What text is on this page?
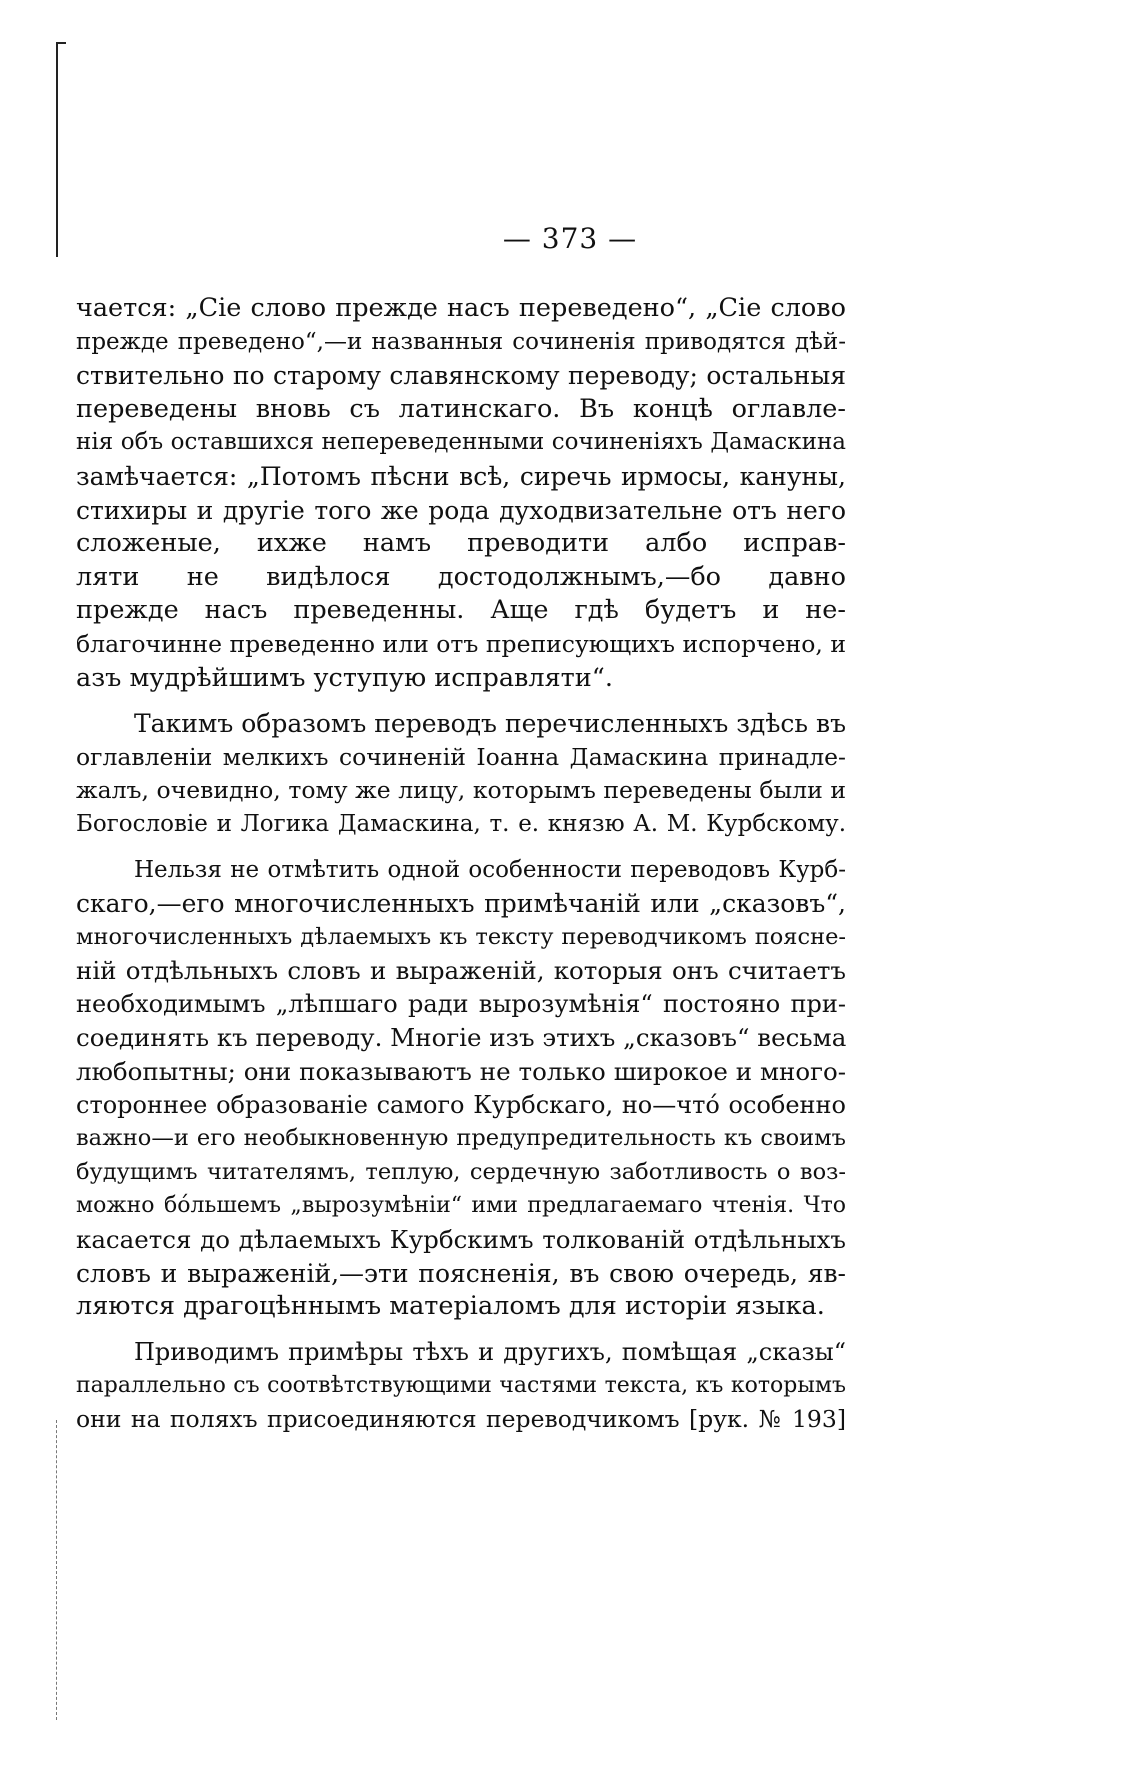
— 373 —
чается: „Сіе слово прежде насъ переведено“, „Сіе слово
прежде преведено“,—и названныя сочиненія приводятся дѣй-
ствительно по старому славянскому переводу; остальныя
переведены вновь съ латинскаго. Въ концѣ оглавле-
нія объ оставшихся непереведенными сочиненіяхъ Дамаскина
замѣчается: „Потомъ пѣсни всѣ, сиречь ирмосы, кануны,
стихиры и другіе того же рода духодвизательне отъ него
сложеные, ихже намъ преводити албо исправ-
ляти не видѣлося достодолжнымъ,—бо давно
прежде насъ преведенны. Аще гдѣ будетъ и не-
благочинне преведенно или отъ преписующихъ испорчено, и
азъ мудрѣйшимъ уступую исправляти“.
Такимъ образомъ переводъ перечисленныхъ здѣсь въ
оглавленіи мелкихъ сочиненій Іоанна Дамаскина принадле-
жалъ, очевидно, тому же лицу, которымъ переведены были и
Богословіе и Логика Дамаскина, т. е. князю А. М. Курбскому.
Нельзя не отмѣтить одной особенности переводовъ Курб-
скаго,—его многочисленныхъ примѣчаній или „сказовъ“,
многочисленныхъ дѣлаемыхъ къ тексту переводчикомъ поясне-
ній отдѣльныхъ словъ и выраженій, которыя онъ считаетъ
необходимымъ „лѣпшаго ради вырозумѣнія“ постояно при-
соединять къ переводу. Многіе изъ этихъ „сказовъ“ весьма
любопытны; они показываютъ не только широкое и много-
стороннее образованіе самого Курбскаго, но—что́ особенно
важно—и его необыкновенную предупредительность къ своимъ
будущимъ читателямъ, теплую, сердечную заботливость о воз-
можно бо́льшемъ „вырозумѣніи“ ими предлагаемаго чтенія. Что
касается до дѣлаемыхъ Курбскимъ толкованій отдѣльныхъ
словъ и выраженій,—эти поясненія, въ свою очередь, яв-
ляются драгоцѣннымъ матеріаломъ для исторіи языка.
Приводимъ примѣры тѣхъ и другихъ, помѣщая „сказы“
параллельно съ соотвѣтствующими частями текста, къ которымъ
они на поляхъ присоединяются переводчикомъ [рук. № 193]
